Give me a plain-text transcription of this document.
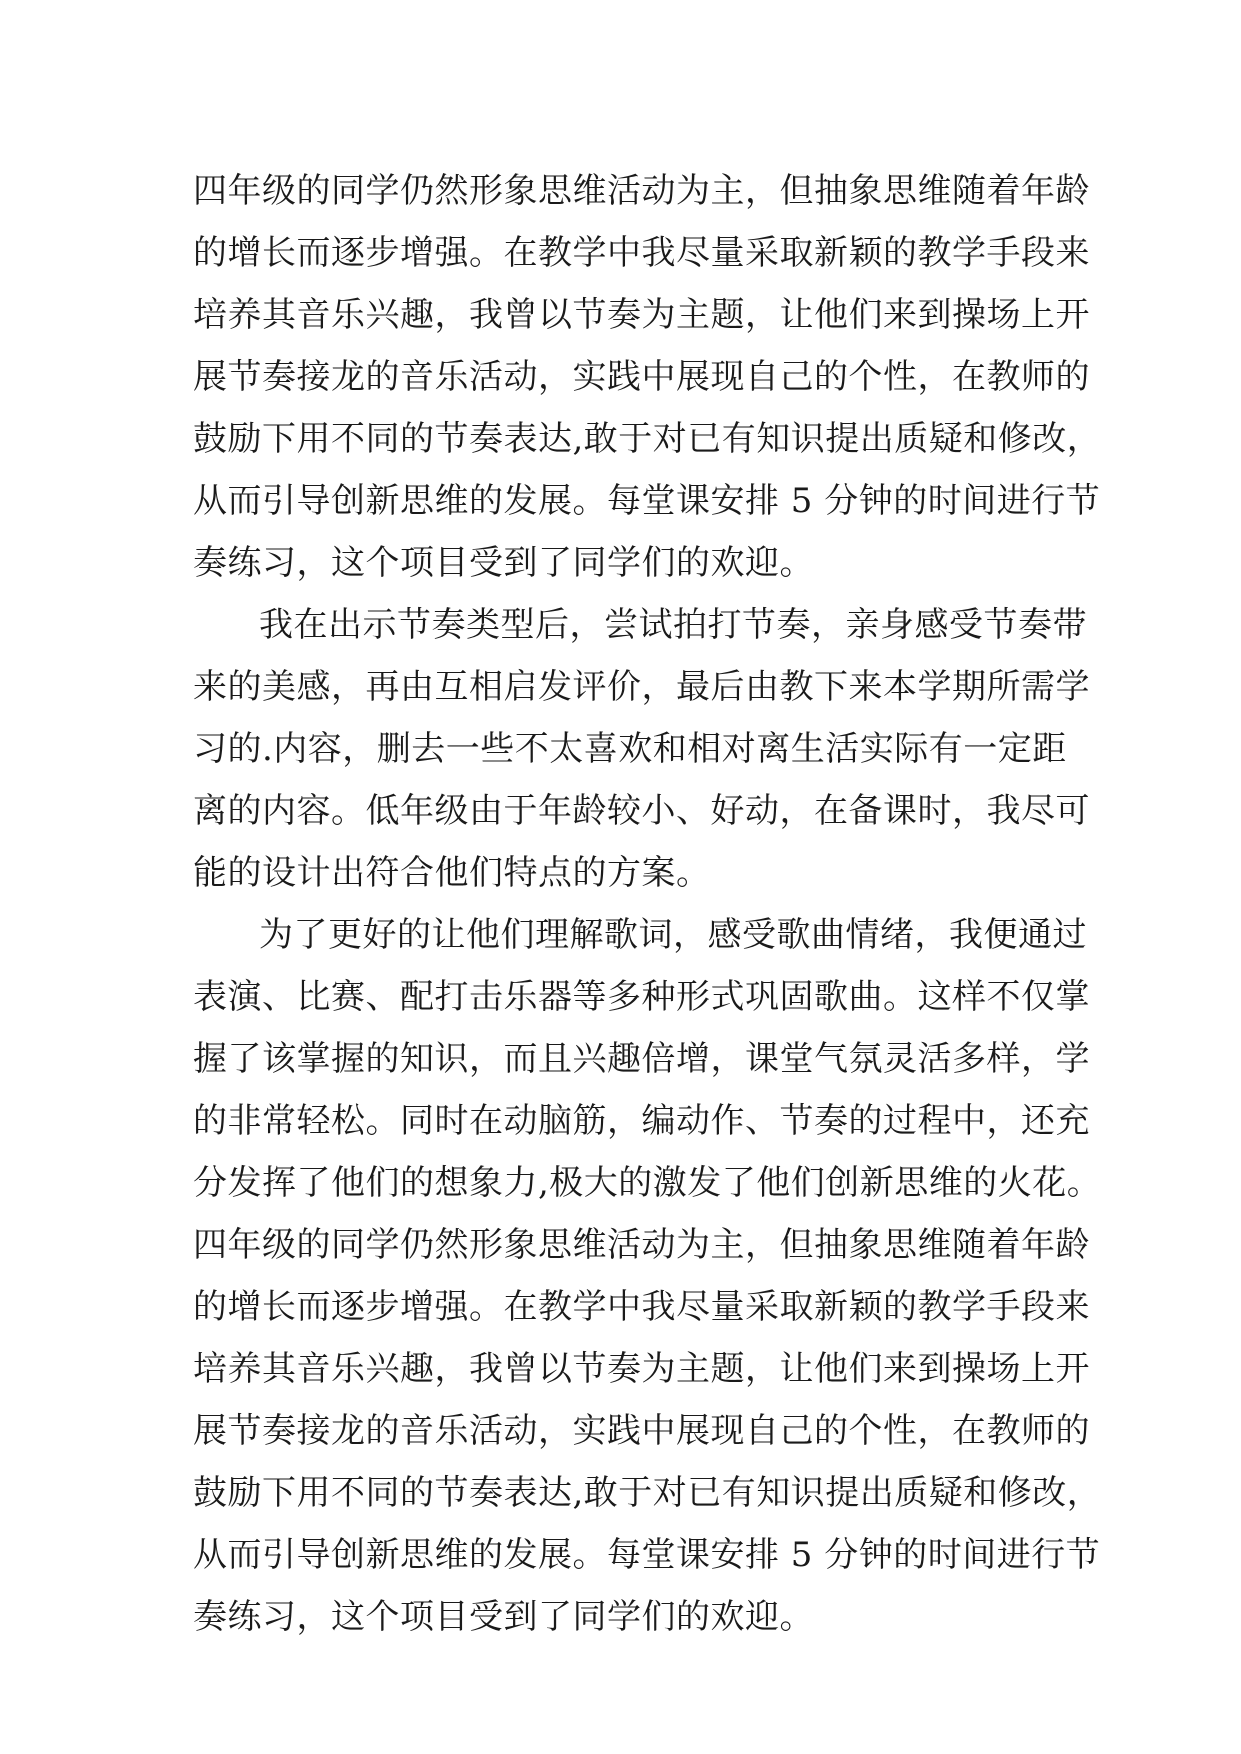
四年级的同学仍然形象思维活动为主，但抽象思维随着年龄
的增长而逐步增强。在教学中我尽量采取新颖的教学手段来
培养其音乐兴趣，我曾以节奏为主题，让他们来到操场上开
展节奏接龙的音乐活动，实践中展现自己的个性，在教师的
鼓励下用不同的节奏表达,敢于对已有知识提出质疑和修改，
从而引导创新思维的发展。每堂课安排 5 分钟的时间进行节
奏练习，这个项目受到了同学们的欢迎。
我在出示节奏类型后，尝试拍打节奏，亲身感受节奏带
来的美感，再由互相启发评价，最后由教下来本学期所需学
习的.内容，删去一些不太喜欢和相对离生活实际有一定距
离的内容。低年级由于年龄较小、好动，在备课时，我尽可
能的设计出符合他们特点的方案。
为了更好的让他们理解歌词，感受歌曲情绪，我便通过
表演、比赛、配打击乐器等多种形式巩固歌曲。这样不仅掌
握了该掌握的知识，而且兴趣倍增，课堂气氛灵活多样，学
的非常轻松。同时在动脑筋，编动作、节奏的过程中，还充
分发挥了他们的想象力,极大的激发了他们创新思维的火花。
四年级的同学仍然形象思维活动为主，但抽象思维随着年龄
的增长而逐步增强。在教学中我尽量采取新颖的教学手段来
培养其音乐兴趣，我曾以节奏为主题，让他们来到操场上开
展节奏接龙的音乐活动，实践中展现自己的个性，在教师的
鼓励下用不同的节奏表达,敢于对已有知识提出质疑和修改，
从而引导创新思维的发展。每堂课安排 5 分钟的时间进行节
奏练习，这个项目受到了同学们的欢迎。
